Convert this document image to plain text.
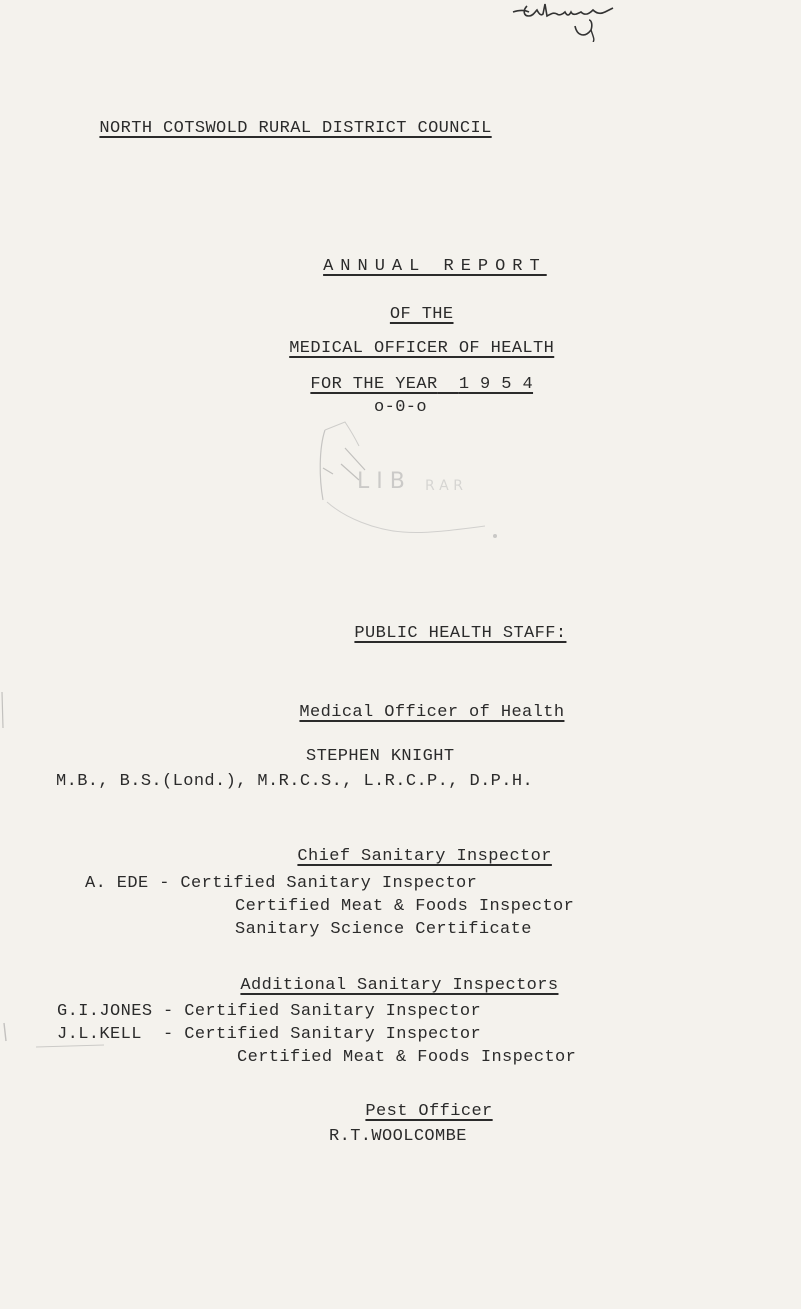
NORTH COTSWOLD RURAL DISTRICT COUNCIL

ANNUAL REPORT

OF THE

MEDICAL OFFICER OF HEALTH

FOR THE YEAR 1 9 5 4

o-0-o
L I B R A R

PUBLIC HEALTH STAFF:

Medical Officer of Health

STEPHEN KNIGHT
M.B., B.S.(Lond.), M.R.C.S., L.R.C.P., D.P.H.

Chief Sanitary Inspector

A. EDE - Certified Sanitary Inspector
Certified Meat & Foods Inspector
Sanitary Science Certificate

Additional Sanitary Inspectors

G.I.JONES - Certified Sanitary Inspector
J.L.KELL  - Certified Sanitary Inspector
Certified Meat & Foods Inspector

Pest Officer

R.T.WOOLCOMBE
